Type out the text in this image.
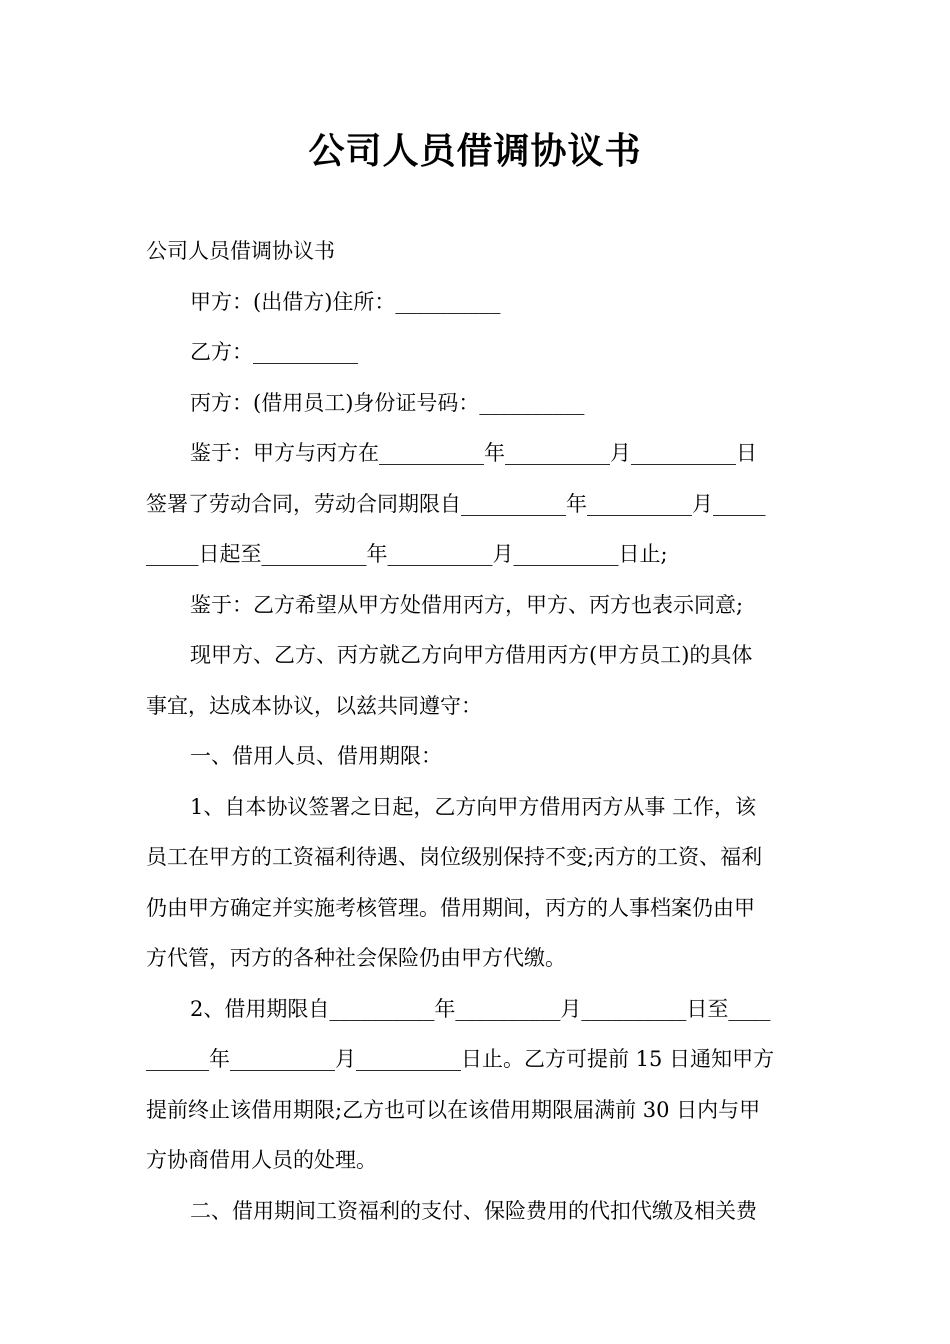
公司人员借调协议书

公司人员借调协议书

甲方：(出借方)住所：__________

乙方：__________

丙方：(借用员工)身份证号码：__________

鉴于：甲方与丙方在__________年__________月__________日

签署了劳动合同，劳动合同期限自__________年__________月_____

_____日起至__________年__________月__________日止;

鉴于：乙方希望从甲方处借用丙方，甲方、丙方也表示同意;

现甲方、乙方、丙方就乙方向甲方借用丙方(甲方员工)的具体

事宜，达成本协议，以兹共同遵守：

一、借用人员、借用期限：

1、自本协议签署之日起，乙方向甲方借用丙方从事 工作，该

员工在甲方的工资福利待遇、岗位级别保持不变;丙方的工资、福利

仍由甲方确定并实施考核管理。借用期间，丙方的人事档案仍由甲

方代管，丙方的各种社会保险仍由甲方代缴。

2、借用期限自__________年__________月__________日至____

______年__________月__________日止。乙方可提前 15 日通知甲方

提前终止该借用期限;乙方也可以在该借用期限届满前 30 日内与甲

方协商借用人员的处理。

二、借用期间工资福利的支付、保险费用的代扣代缴及相关费
